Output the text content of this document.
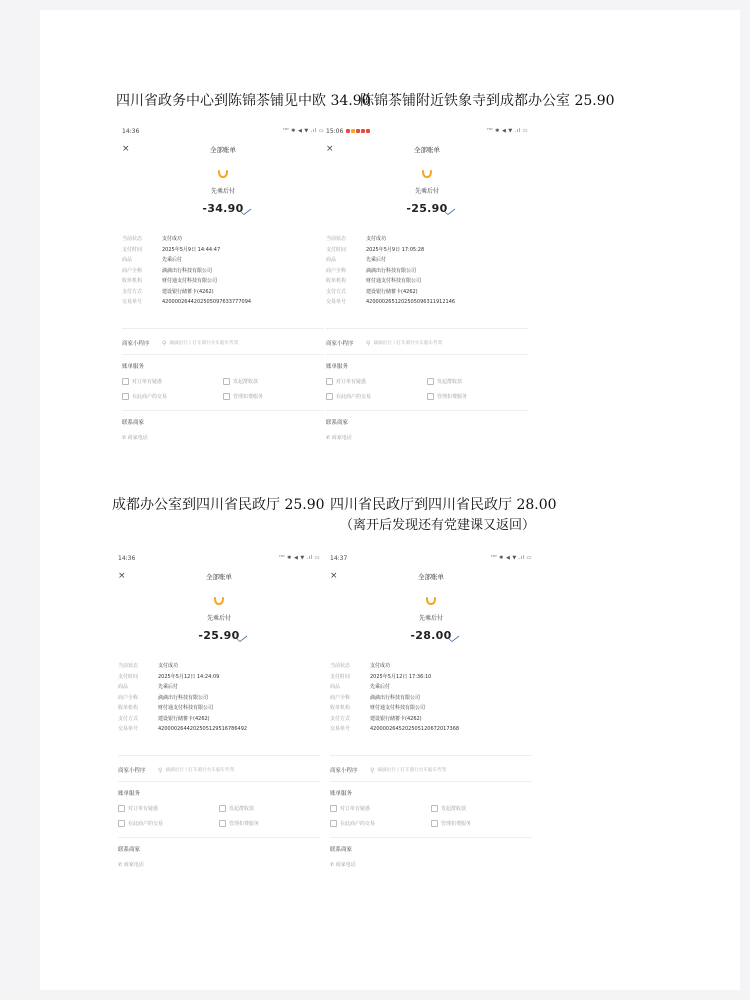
四川省政务中心到陈锦茶铺见中欧 34.90
陈锦茶铺附近铁象寺到成都办公室 25.90
成都办公室到四川省民政厅 25.90 四川省民政厅到四川省民政厅 28.00
（离开后发现还有党建课又返回）
14:36	ᴴᴰ ✱ ◀ ▼ .ıl ▭
×	全部账单
先乘后付
-34.90
当前状态	支付成功
支付时间	2025年5月9日 14:44:47
商品	先乘后付
商户全称	滴滴出行科技有限公司
收单机构	财付通支付科技有限公司
支付方式	建设银行储蓄卡(4262)
交易单号	4200002644202505097633777094
商家小程序	⚲ 滴滴出行丨打车骑行火车船车代驾
账单服务
对订单有疑惑	发起群收款
在此商户的交易	管理扣费服务
联系商家
✆ 商家电话
15:06	ᴴᴰ ✱ ◀ ▼ .ıl ▭
×	全部账单
先乘后付
-25.90
当前状态	支付成功
支付时间	2025年5月9日 17:05:28
商品	先乘后付
商户全称	滴滴出行科技有限公司
收单机构	财付通支付科技有限公司
支付方式	建设银行储蓄卡(4262)
交易单号	4200002651202505096311912146
商家小程序	⚲ 滴滴出行丨打车骑行火车船车代驾
账单服务
对订单有疑惑	发起群收款
在此商户的交易	管理扣费服务
联系商家
✆ 商家电话
14:36	ᴴᴰ ✱ ◀ ▼ .ıl ▭
×	全部账单
先乘后付
-25.90
当前状态	支付成功
支付时间	2025年5月12日 14:24:09
商品	先乘后付
商户全称	滴滴出行科技有限公司
收单机构	财付通支付科技有限公司
支付方式	建设银行储蓄卡(4262)
交易单号	4200002644202505129516786492
商家小程序	⚲ 滴滴出行丨打车骑行火车船车代驾
账单服务
对订单有疑惑	发起群收款
在此商户的交易	管理扣费服务
联系商家
✆ 商家电话
14:37	ᴴᴰ ✱ ◀ ▼ .ıl ▭
×	全部账单
先乘后付
-28.00
当前状态	支付成功
支付时间	2025年5月12日 17:36:10
商品	先乘后付
商户全称	滴滴出行科技有限公司
收单机构	财付通支付科技有限公司
支付方式	建设银行储蓄卡(4262)
交易单号	4200002645202505120672017368
商家小程序	⚲ 滴滴出行丨打车骑行火车船车代驾
账单服务
对订单有疑惑	发起群收款
在此商户的交易	管理扣费服务
联系商家
✆ 商家电话
